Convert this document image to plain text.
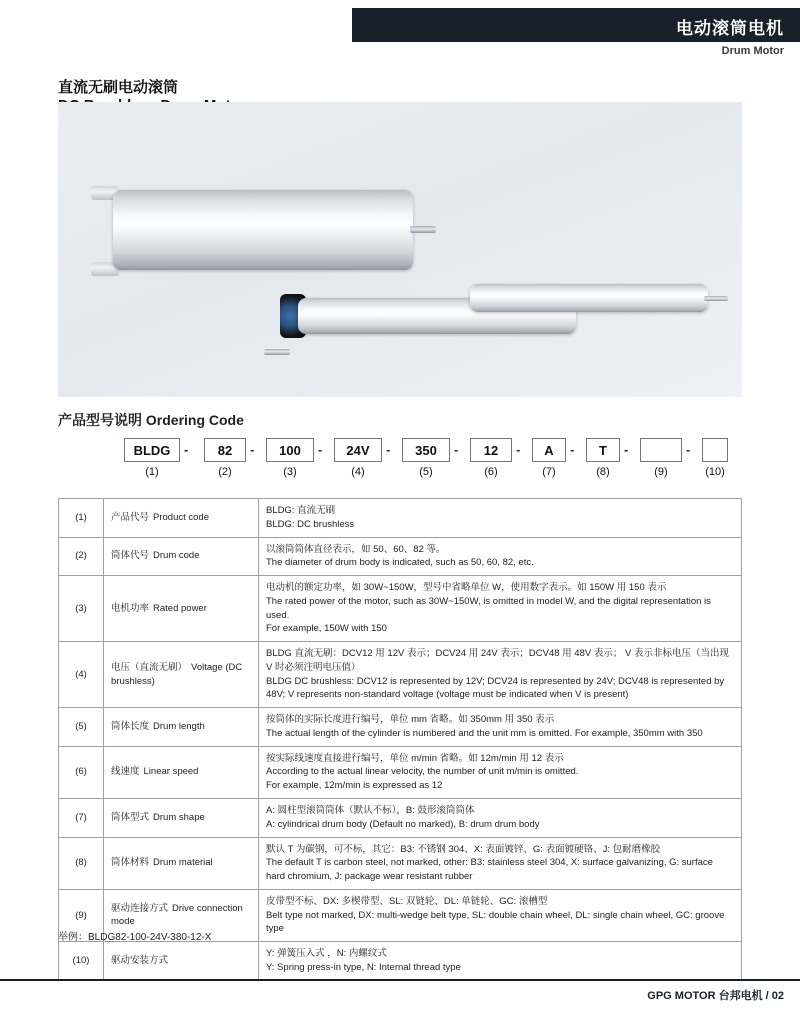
电动滚筒电机
Drum Motor
直流无刷电动滚筒
产品型号说明 Ordering Code
BLDG
(1)
-	82
(2)
-	100
(3)
-	24V
(4)
-	350
(5)
-	12
(6)
-	A
(7)
-	T
(8)
-
(9)
-
(10)
(1)	产品代号 Product code	BLDG: 直流无刷
BLDG: DC brushless

(2)	筒体代号 Drum code	以滚筒筒体直径表示，如 50、60、82 等。
The diameter of drum body is indicated, such as 50, 60, 82, etc.

(3)	电机功率 Rated power	电动机的额定功率，如 30W~150W，型号中省略单位 W，使用数字表示。如 150W 用 150 表示
The rated power of the motor, such as 30W~150W, is omitted in model W, and the digital representation is used.
For example, 150W with 150

(4)	电压（直流无刷） Voltage (DC brushless)	BLDG 直流无刷：DCV12 用 12V 表示；DCV24 用 24V 表示；DCV48 用 48V 表示； V 表示非标电压（当出现 V 时必须注明电压值）
BLDG DC brushless: DCV12 is represented by 12V; DCV24 is represented by 24V; DCV48 is represented by 48V; V represents non-standard voltage (voltage must be indicated when V is present)

(5)	筒体长度 Drum length	按筒体的实际长度进行编号，单位 mm 省略。如 350mm 用 350 表示
The actual length of the cylinder is numbered and the unit mm is omitted. For example, 350mm with 350

(6)	线速度 Linear speed	按实际线速度直接进行编号，单位 m/min 省略。如 12m/min 用 12 表示
According to the actual linear velocity, the number of unit m/min is omitted.
For example, 12m/min is expressed as 12

(7)	筒体型式 Drum shape	A: 圆柱型滚筒筒体（默认不标），B: 鼓形滚筒筒体
A: cylindrical drum body (Default no marked), B: drum drum body

(8)	筒体材料 Drum material	默认 T 为碳钢，可不标，其它：B3: 不锈钢 304、X: 表面镀锌、G: 表面镀硬铬、J: 包耐磨橡胶
The default T is carbon steel, not marked, other: B3: stainless steel 304, X: surface galvanizing, G: surface hard chromium, J: package wear resistant rubber

(9)	驱动连接方式 Drive connection mode	皮带型不标、DX: 多楔带型、SL: 双链轮、DL: 单链轮、GC: 滚槽型
Belt type not marked, DX: multi-wedge belt type, SL: double chain wheel, DL: single chain wheel, GC: groove type

(10)	驱动安装方式	Y: 弹簧压入式 ，N: 内螺纹式
Y: Spring press-in type, N: Internal thread type
举例：BLDG82-100-24V-380-12-X
GPG MOTOR 台邦电机 / 02
